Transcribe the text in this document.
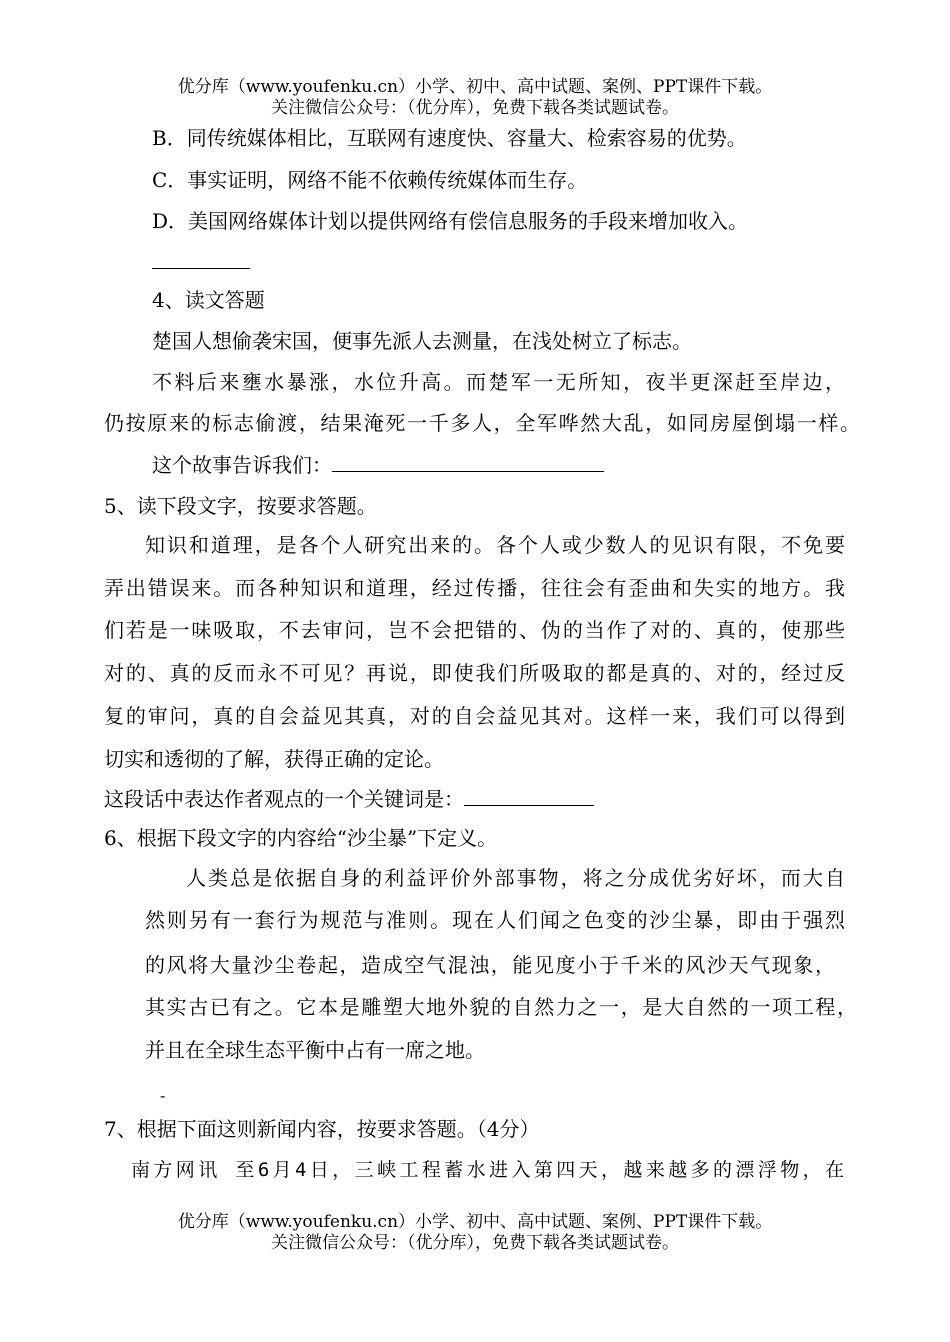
优分库（www.youfenku.cn）小学、初中、高中试题、案例、PPT课件下载。
关注微信公众号：（优分库），免费下载各类试题试卷。
B．同传统媒体相比，互联网有速度快、容量大、检索容易的优势。
C．事实证明，网络不能不依赖传统媒体而生存。
D．美国网络媒体计划以提供网络有偿信息服务的手段来增加收入。
4、读文答题
楚国人想偷袭宋国，便事先派人去测量，在浅处树立了标志。
不料后来壅水暴涨，水位升高。而楚军一无所知，夜半更深赶至岸边，
仍按原来的标志偷渡，结果淹死一千多人，全军哗然大乱，如同房屋倒塌一样。
这个故事告诉我们：
5、读下段文字，按要求答题。
知识和道理，是各个人研究出来的。各个人或少数人的见识有限，不免要
弄出错误来。而各种知识和道理，经过传播，往往会有歪曲和失实的地方。我
们若是一味吸取，不去审问，岂不会把错的、伪的当作了对的、真的，使那些
对的、真的反而永不可见？再说，即使我们所吸取的都是真的、对的，经过反
复的审问，真的自会益见其真，对的自会益见其对。这样一来，我们可以得到
切实和透彻的了解，获得正确的定论。
这段话中表达作者观点的一个关键词是：
6、根据下段文字的内容给“沙尘暴”下定义。
人类总是依据自身的利益评价外部事物，将之分成优劣好坏，而大自
然则另有一套行为规范与准则。现在人们闻之色变的沙尘暴，即由于强烈
的风将大量沙尘卷起，造成空气混浊，能见度小于千米的风沙天气现象，
其实古已有之。它本是雕塑大地外貌的自然力之一，是大自然的一项工程，
并且在全球生态平衡中占有一席之地。
-
7、根据下面这则新闻内容，按要求答题。（4分）
南方网讯 至6月4日，三峡工程蓄水进入第四天，越来越多的漂浮物，在
优分库（www.youfenku.cn）小学、初中、高中试题、案例、PPT课件下载。
关注微信公众号：（优分库），免费下载各类试题试卷。
